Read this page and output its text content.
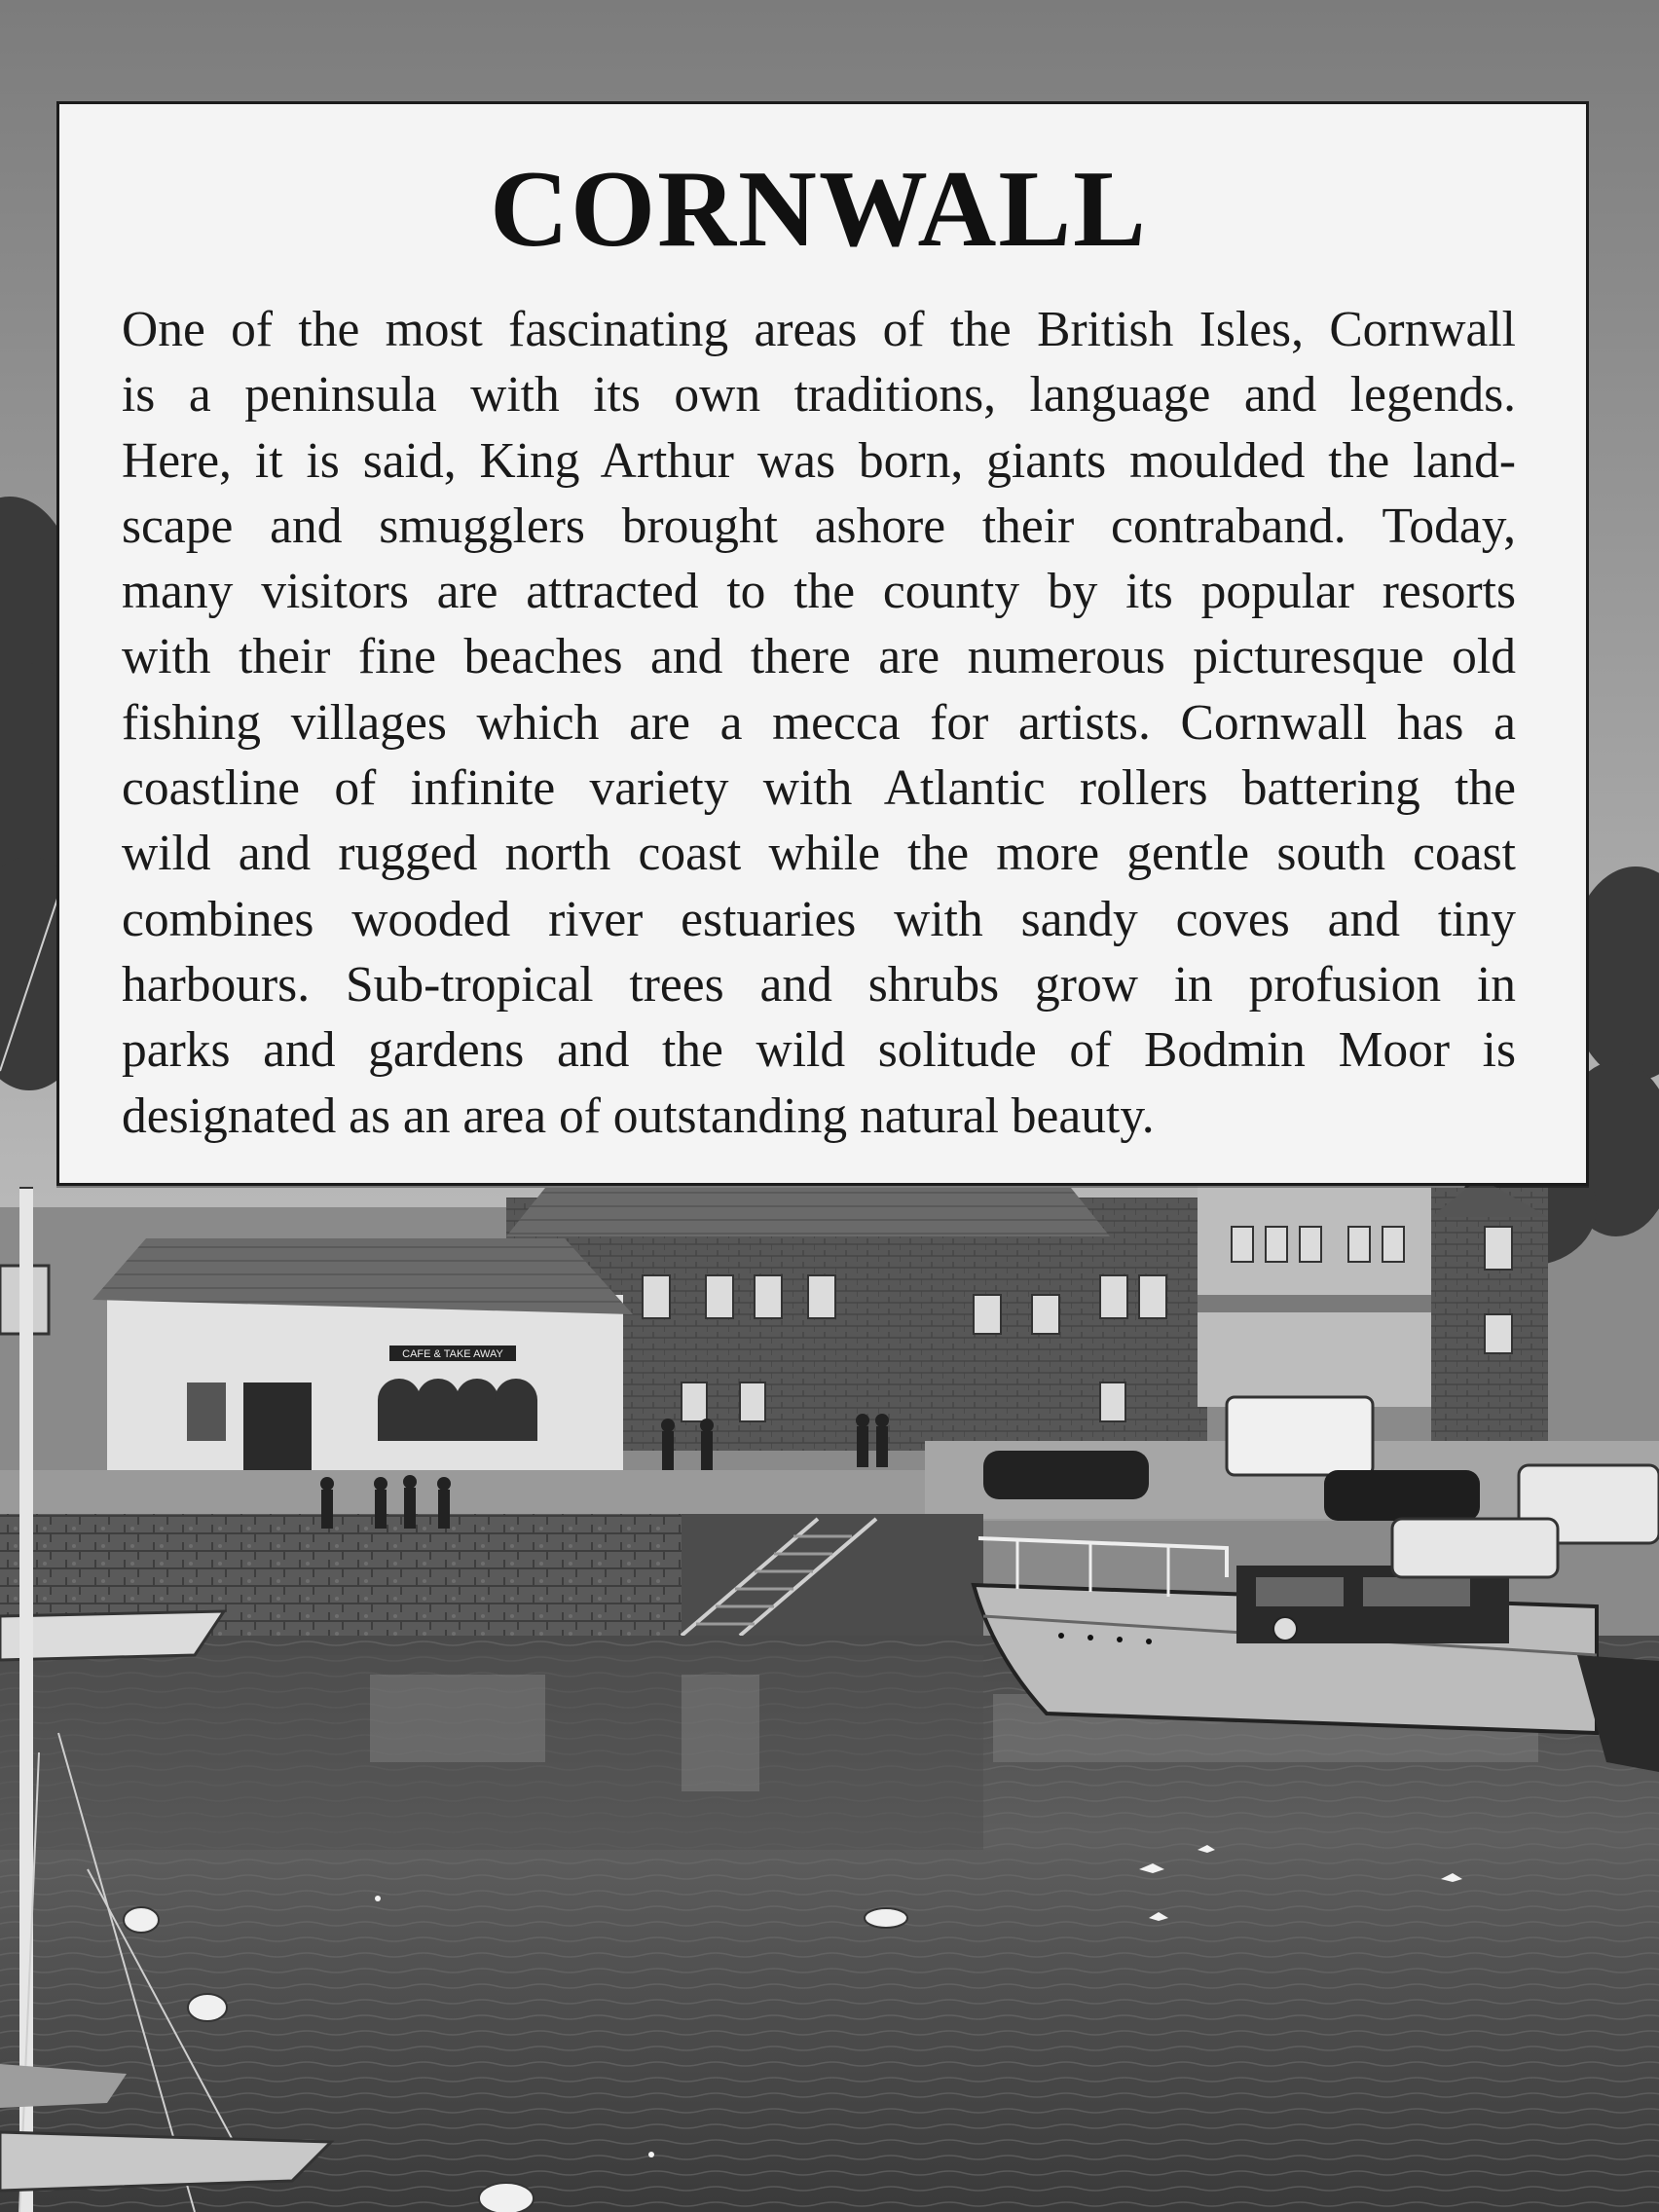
CAFE & TAKE AWAY
CORNWALL
One of the most fascinating areas of the British Isles, Cornwall
is a peninsula with its own traditions, language and legends.
Here, it is said, King Arthur was born, giants moulded the land-
scape and smugglers brought ashore their contraband. Today,
many visitors are attracted to the county by its popular resorts
with their fine beaches and there are numerous picturesque old
fishing villages which are a mecca for artists. Cornwall has a
coastline of infinite variety with Atlantic rollers battering the
wild and rugged north coast while the more gentle south coast
combines wooded river estuaries with sandy coves and tiny
harbours. Sub-tropical trees and shrubs grow in profusion in
parks and gardens and the wild solitude of Bodmin Moor is
designated as an area of outstanding natural beauty.
